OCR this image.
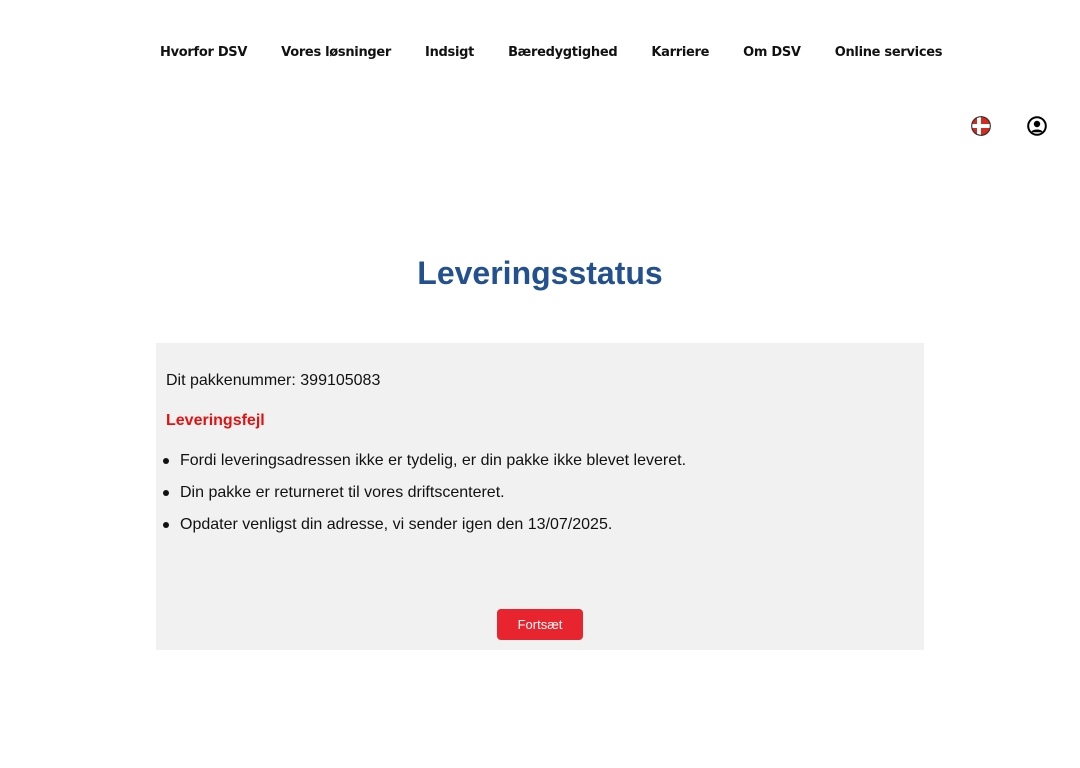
Hvorfor DSV	Vores løsninger	Indsigt	Bæredygtighed	Karriere	Om DSV	Online services
Leveringsstatus
Dit pakkenummer: 399105083
Leveringsfejl
Fordi leveringsadressen ikke er tydelig, er din pakke ikke blevet leveret.
Din pakke er returneret til vores driftscenteret.
Opdater venligst din adresse, vi sender igen den 13/07/2025.
Fortsæt
